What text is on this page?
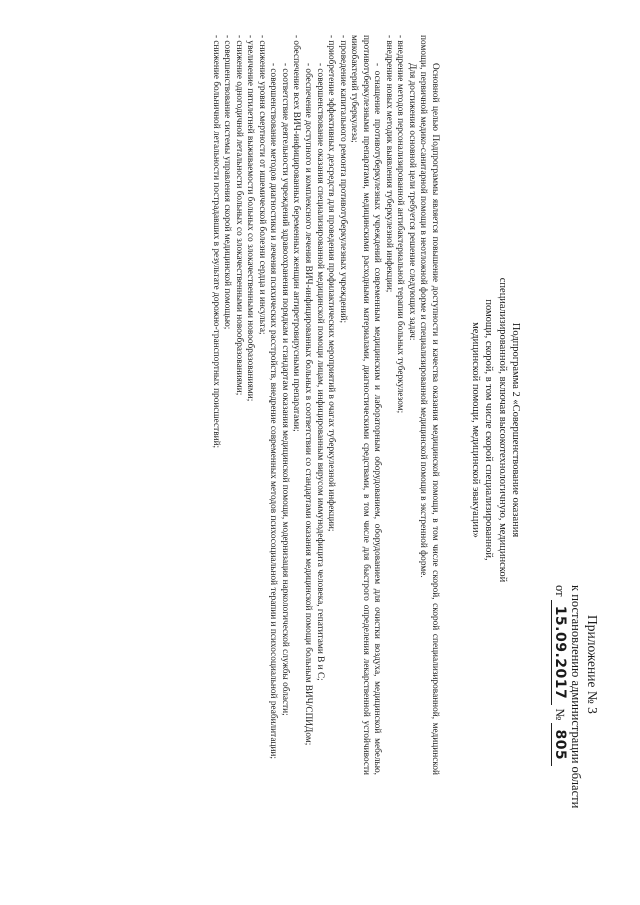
Приложение № 3
к постановлению администрации области
от 15.09.2017 № 805
Подпрограмма 2 «Совершенствование оказания
специализированной, включая высокотехнологичную, медицинской
помощи, скорой, в том числе скорой специализированной,
медицинской помощи, медицинской эвакуации»

Основной целью Подпрограммы является повышение доступности и качества оказания медицинской помощи, в том числе скорой, скорой специализированной, медицинской помощи, первичной медико-санитарной помощи в неотложной форме и специализированной медицинской помощи в экстренной форме.

Для достижения основной цели требуется решение следующих задач:

- внедрение методов персонализированной антибактериальной терапии больных туберкулезом;

- внедрение новых методик выявления туберкулезной инфекции;

- оснащение противотуберкулезных учреждений современным медицинским и лабораторным оборудованием, оборудованием для очистки воздуха, медицинской мебелью, противотуберкулезными препаратами, медицинскими расходными материалами, диагностическими средствами, в том числе для быстрого определения лекарственной устойчивости микобактерий туберкулеза;

- проведение капитального ремонта противотуберкулезных учреждений;

- приобретение эффективных дезсредств для проведения профилактических мероприятий в очагах туберкулезной инфекции;

- совершенствование оказания специализированной медицинской помощи лицам, инфицированным вирусом иммунодефицита человека, гепатитами B и C;

- обеспечение доступного и комплексного лечения ВИЧ-инфицированных больных в соответствии со стандартами оказания медицинской помощи больным ВИЧ/СПИДом;

- обеспечение всех ВИЧ-инфицированных беременных женщин антиретровирусными препаратами;

- соответствие деятельности учреждений здравоохранения порядкам и стандартам оказания медицинской помощи, модернизация наркологической службы области;

- совершенствование методов диагностики и лечения психических расстройств, внедрение современных методов психосоциальной терапии и психосоциальной реабилитации;

- снижение уровня смертности от ишемической болезни сердца и инсульта;

- увеличение пятилетней выживаемости больных со злокачественными новообразованиями;

- снижение одногодичной летальности больных со злокачественными новообразованиями;

- совершенствование системы управления скорой медицинской помощью;

- снижение больничной летальности пострадавших в результате дорожно-транспортных происшествий;
